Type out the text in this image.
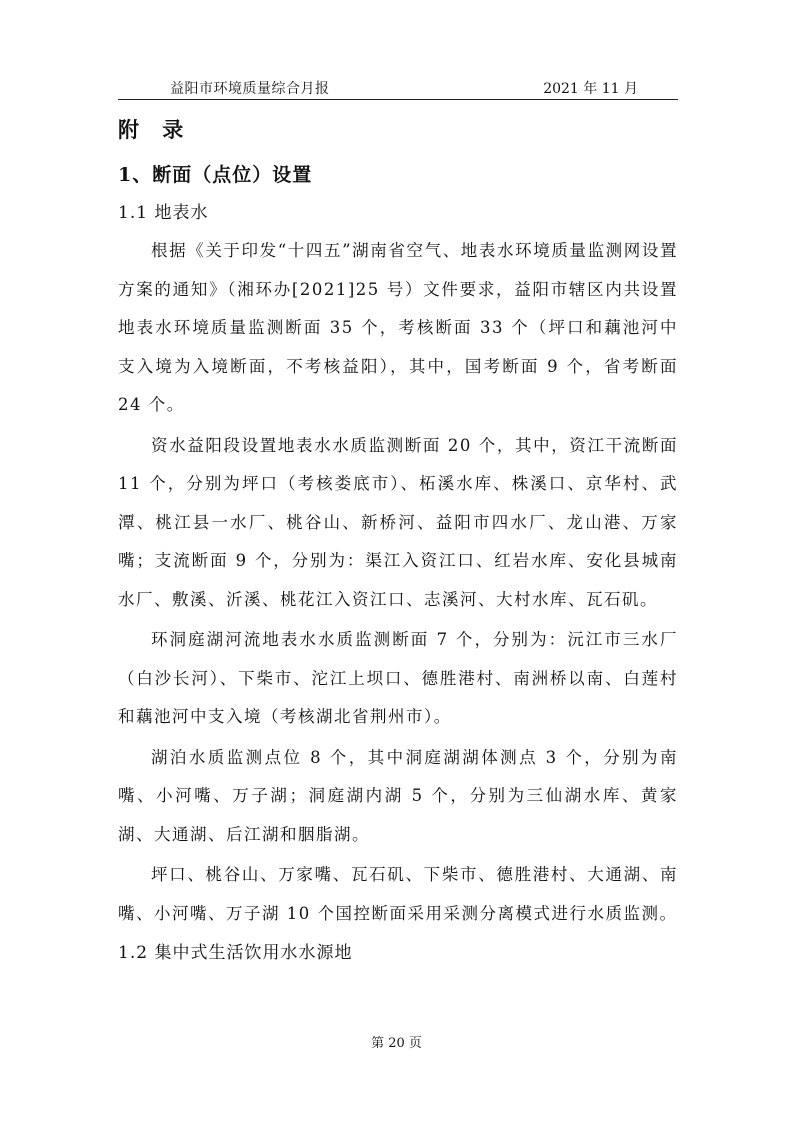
益阳市环境质量综合月报	2021 年 11 月
附 录
1、断面（点位）设置
1.1 地表水

根据《关于印发“十四五”湖南省空气、地表水环境质量监测网设置方案的通知》（湘环办[2021]25 号）文件要求，益阳市辖区内共设置地表水环境质量监测断面 35 个，考核断面 33 个（坪口和藕池河中支入境为入境断面，不考核益阳），其中，国考断面 9 个，省考断面 24 个。

资水益阳段设置地表水水质监测断面 20 个，其中，资江干流断面 11 个，分别为坪口（考核娄底市）、柘溪水库、株溪口、京华村、武潭、桃江县一水厂、桃谷山、新桥河、益阳市四水厂、龙山港、万家嘴；支流断面 9 个，分别为：渠江入资江口、红岩水库、安化县城南水厂、敷溪、沂溪、桃花江入资江口、志溪河、大村水库、瓦石矶。

环洞庭湖河流地表水水质监测断面 7 个，分别为：沅江市三水厂（白沙长河）、下柴市、沱江上坝口、德胜港村、南洲桥以南、白莲村和藕池河中支入境（考核湖北省荆州市）。

湖泊水质监测点位 8 个，其中洞庭湖湖体测点 3 个，分别为南嘴、小河嘴、万子湖；洞庭湖内湖 5 个，分别为三仙湖水库、黄家湖、大通湖、后江湖和胭脂湖。

坪口、桃谷山、万家嘴、瓦石矶、下柴市、德胜港村、大通湖、南嘴、小河嘴、万子湖 10 个国控断面采用采测分离模式进行水质监测。

1.2 集中式生活饮用水水源地
第 20 页
